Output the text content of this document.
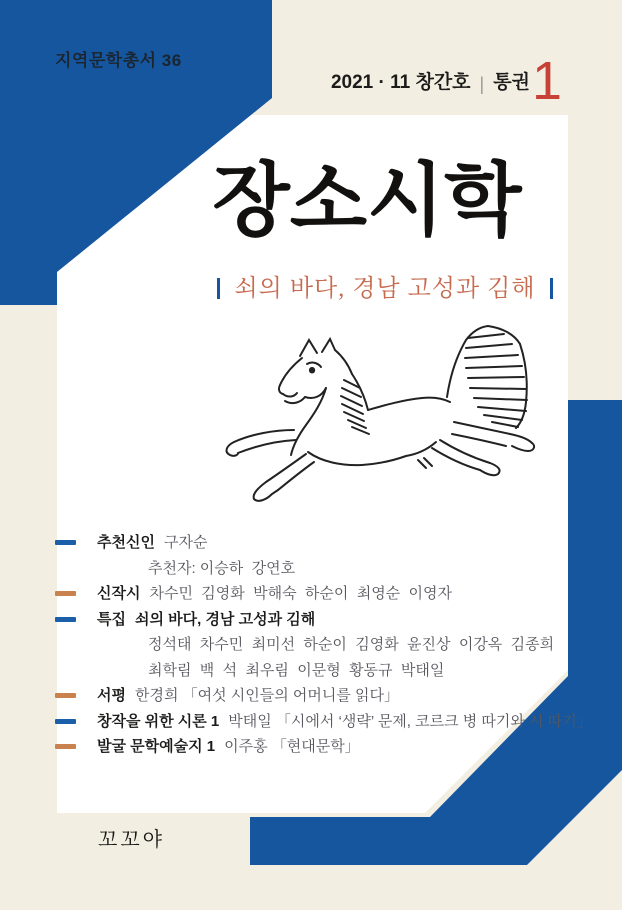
지역문학총서 36
2021 · 11 창간호 | 통권 1
장소시학
쇠의 바다, 경남 고성과 김해
추천신인 구자순
추천자: 이승하  강연호
신작시 차수민  김영화  박해숙  하순이  최영순  이영자
특집 쇠의 바다, 경남 고성과 김해
정석태  차수민  최미선  하순이  김영화  윤진상  이강옥  김종희
최학림  백  석  최우림  이문형  황동규  박태일
서평 한경희 「여섯 시인들의 어머니를 읽다」
창작을 위한 시론 1 박태일 「시에서 ‘생략’ 문제, 코르크 병 따기와 시 따기」
발굴 문학예술지 1 이주홍 「현대문학」
꼬꼬야
